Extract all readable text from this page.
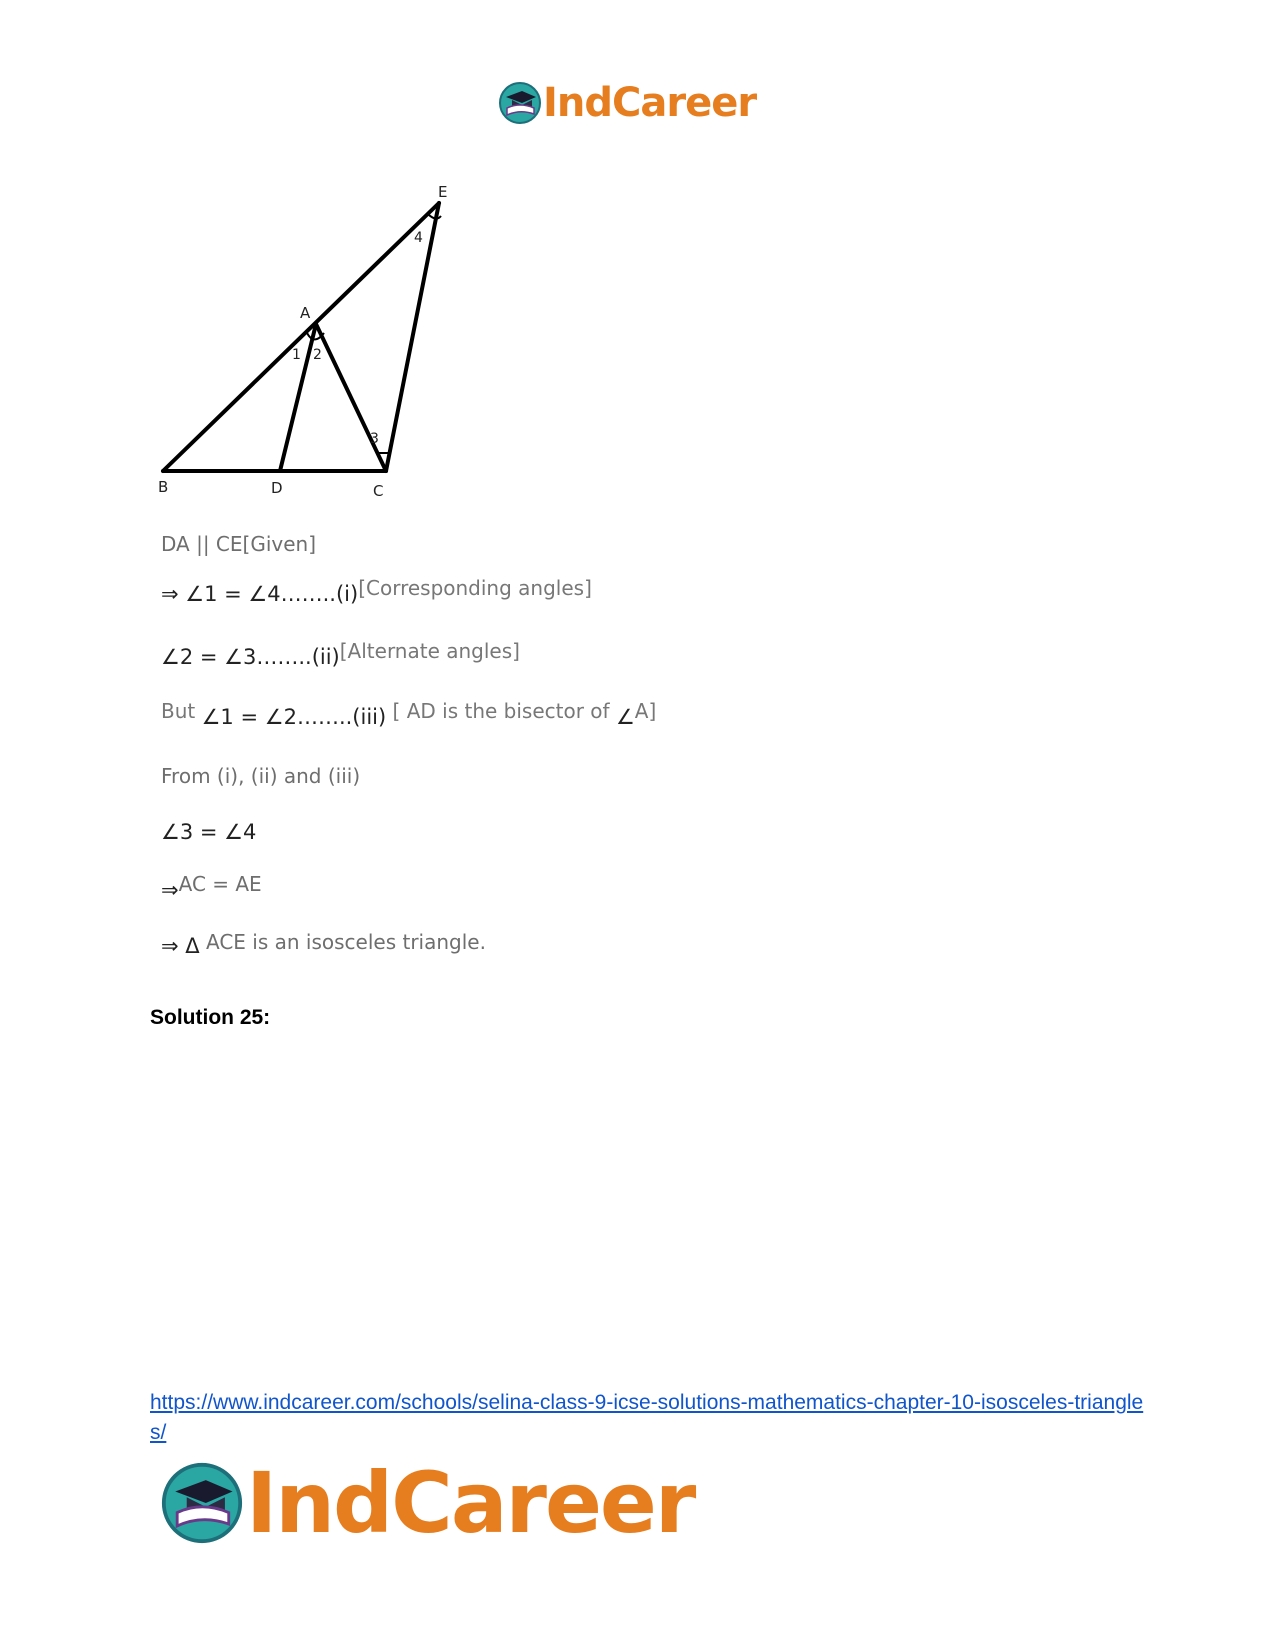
IndCareer
B	D	C
A
E
1 2
3
4
DA || CE[Given]
⇒ ∠1 = ∠4……..(i)[Corresponding angles]
∠2 = ∠3……..(ii)[Alternate angles]
But ∠1 = ∠2……..(iii) [ AD is the bisector of ∠A]
From (i), (ii) and (iii)
∠3 = ∠4
⇒AC = AE
⇒ Δ ACE is an isosceles triangle.
Solution 25:
https://www.indcareer.com/schools/selina-class-9-icse-solutions-mathematics-chapter-10-isosceles-triangles/
IndCareer
